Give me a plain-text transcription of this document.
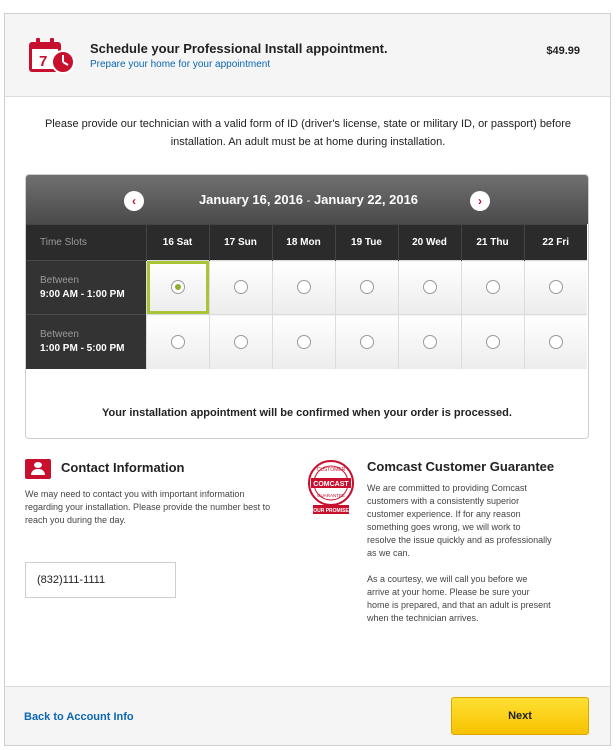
7
Schedule your Professional Install appointment.
Prepare your home for your appointment
$49.99
Please provide our technician with a valid form of ID (driver's license, state or military ID, or passport) before installation. An adult must be at home during installation.
‹	January 16, 2016 - January 22, 2016	›
Time Slots	16 Sat	17 Sun	18 Mon	19 Tue	20 Wed	21 Thu	22 Fri

Between
9:00 AM - 1:00 PM							

Between
1:00 PM - 5:00 PM							

Your installation appointment will be confirmed when your order is processed.
Contact Information
We may need to contact you with important information regarding your installation. Please provide the number best to reach you during the day.
(832)111-1111
CUSTOMER
COMCAST
GUARANTEE
OUR PROMISE
Comcast Customer Guarantee

We are committed to providing Comcast customers with a consistently superior customer experience. If for any reason something goes wrong, we will work to resolve the issue quickly and as professionally as we can.

As a courtesy, we will call you before we arrive at your home. Please be sure your home is prepared, and that an adult is present when the technician arrives.

Back to Account Info	Next
